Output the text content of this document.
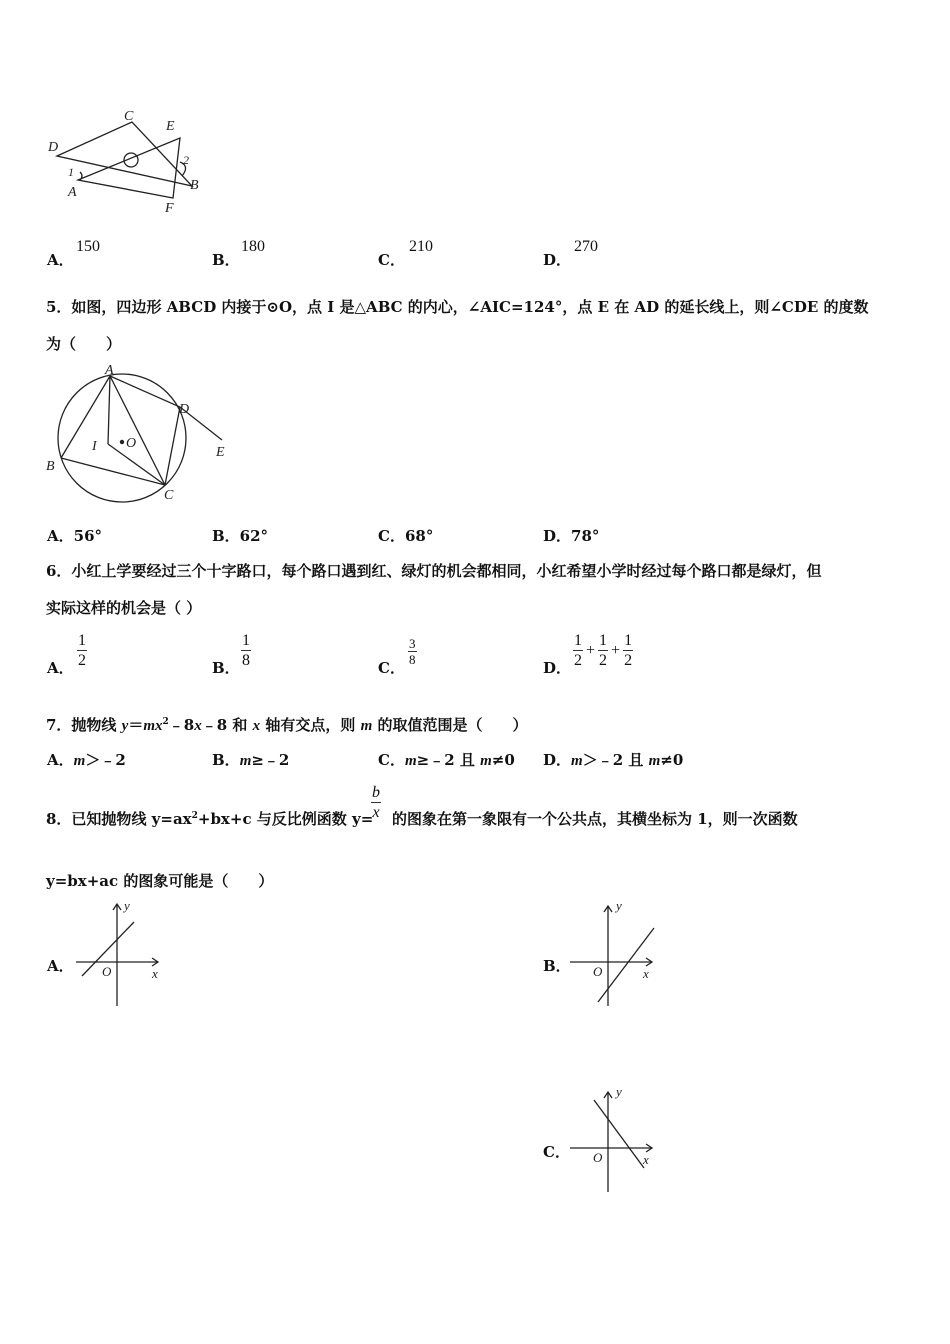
C
E
D
2
1
A	B
F
A．
150
B．
180
C．
210
D．
270
5．如图，四边形 ABCD 内接于⊙O，点 I 是△ABC 的内心，∠AIC=124°，点 E 在 AD 的延长线上，则∠CDE 的度数
为（　　）
A
D
I O
E
B
C
A．56°	B．62°	C．68°	D．78°
6．小红上学要经过三个十字路口，每个路口遇到红、绿灯的机会都相同，小红希望小学时经过每个路口都是绿灯，但
实际这样的机会是（ ）
A． $\frac{1}{2}$	B． $\frac{1}{8}$	C．
$\frac{3}{8}$
D． $\frac{1}{2} + \frac{1}{2} + \frac{1}{2}$
7．抛物线 $y=mx^2﹣8x﹣8$ 和 x 轴有交点，则 m 的取值范围是（　　）
A．m＞﹣2	B．m≥﹣2	C．m≥﹣2 且 m≠0 D．m＞﹣2 且 m≠0
8．已知抛物线 $y=ax^2+bx+c$ 与反比例函数 y=
$\frac{b}{x}$ 的图象在第一象限有一个公共点，其横坐标为 1，则一次函数
y=bx+ac 的图象可能是（　　）
A．
y
O	x	B．
y
O	x
C．
y
O	x
